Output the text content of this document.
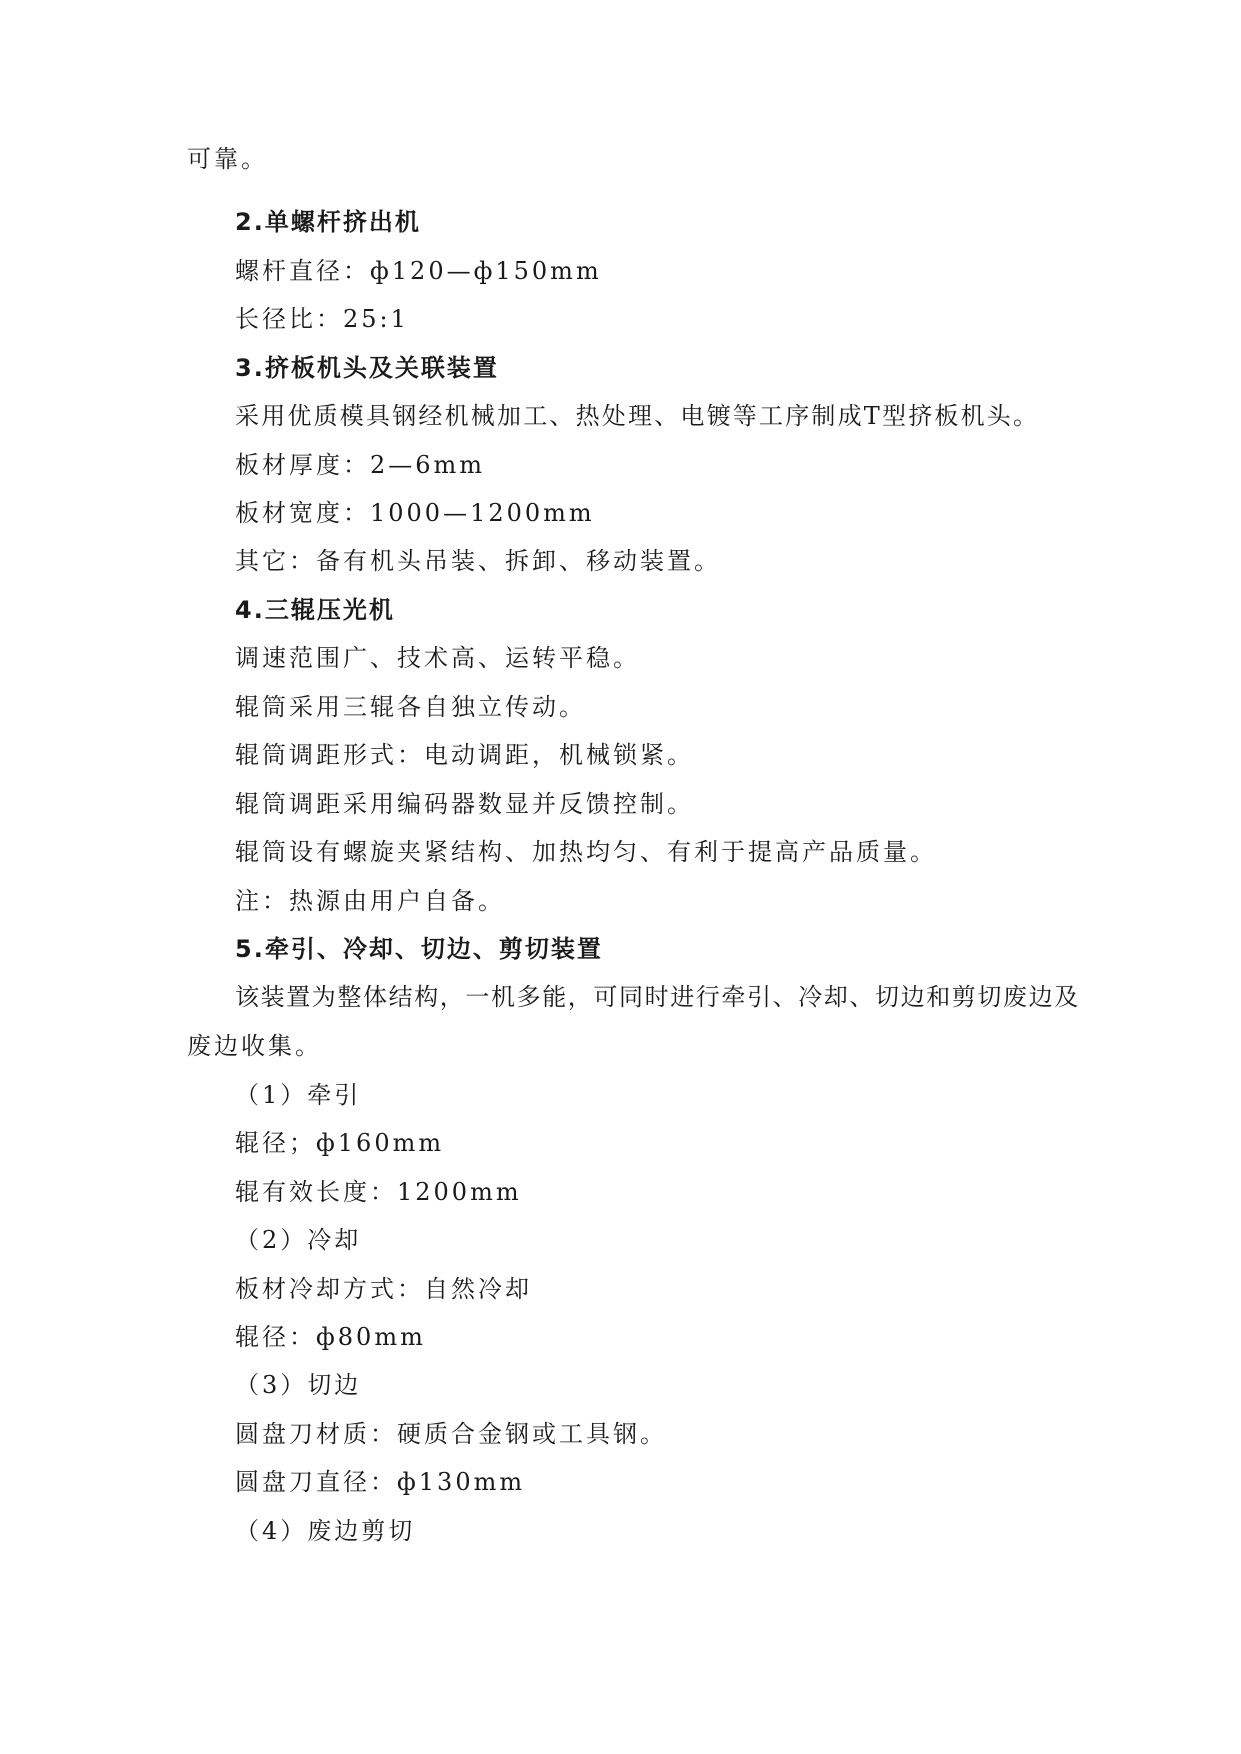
可靠。
2.单螺杆挤出机
螺杆直径：ф120—ф150mm
长径比：25:1
3.挤板机头及关联装置
采用优质模具钢经机械加工、热处理、电镀等工序制成T型挤板机头。
板材厚度：2—6mm
板材宽度：1000—1200mm
其它：备有机头吊装、拆卸、移动装置。
4.三辊压光机
调速范围广、技术高、运转平稳。
辊筒采用三辊各自独立传动。
辊筒调距形式：电动调距，机械锁紧。
辊筒调距采用编码器数显并反馈控制。
辊筒设有螺旋夹紧结构、加热均匀、有利于提高产品质量。
注：热源由用户自备。
5.牵引、冷却、切边、剪切装置
该装置为整体结构，一机多能，可同时进行牵引、冷却、切边和剪切废边及
废边收集。
（1）牵引
辊径；ф160mm
辊有效长度：1200mm
（2）冷却
板材冷却方式：自然冷却
辊径：ф80mm
（3）切边
圆盘刀材质：硬质合金钢或工具钢。
圆盘刀直径：ф130mm
（4）废边剪切
